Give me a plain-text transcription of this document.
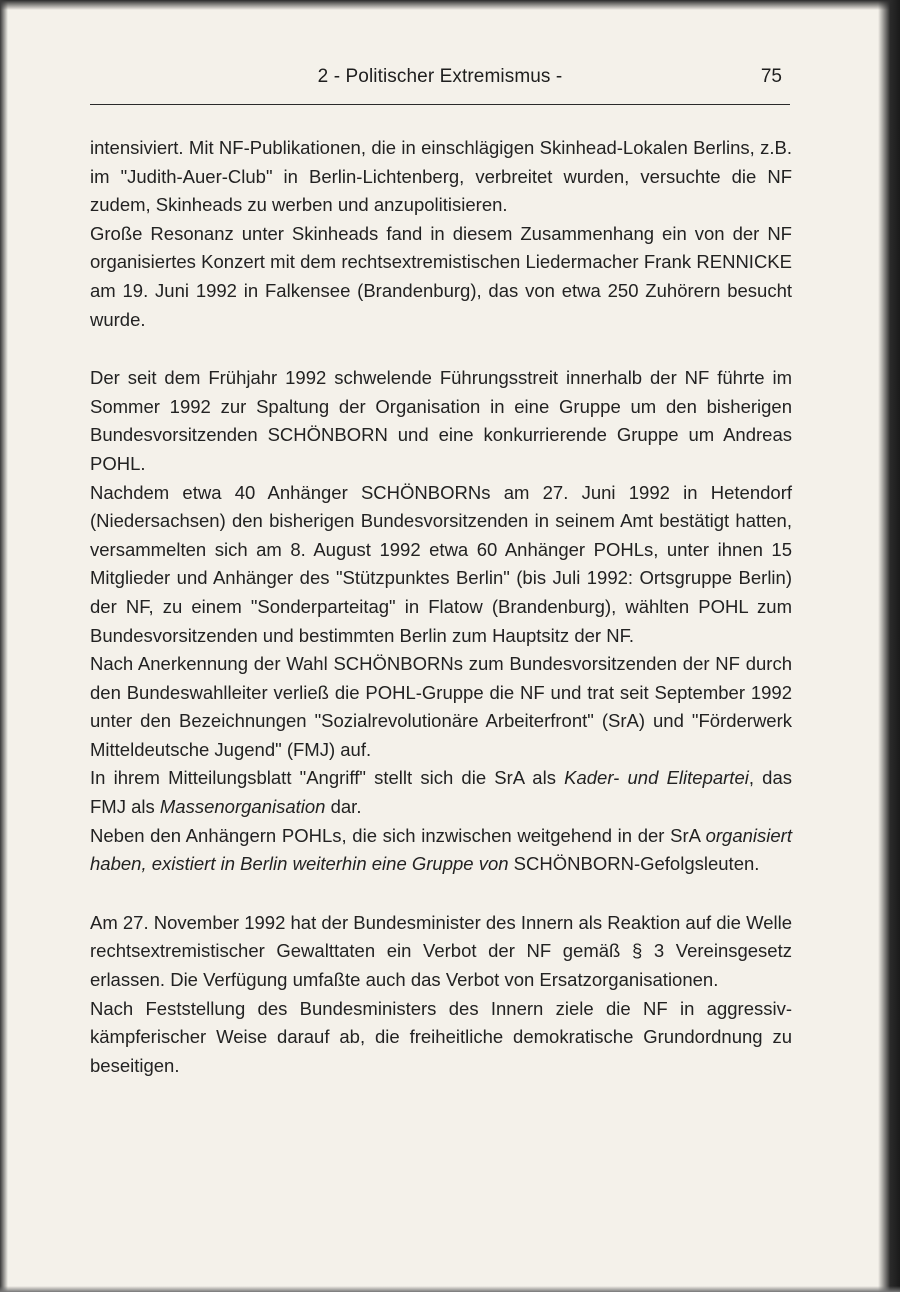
2 - Politischer Extremismus -	75

intensiviert. Mit NF-Publikationen, die in einschlägigen Skinhead-Lokalen Berlins, z.B. im "Judith-Auer-Club" in Berlin-Lichtenberg, verbreitet wurden, versuchte die NF zudem, Skinheads zu werben und anzupolitisieren.

Große Resonanz unter Skinheads fand in diesem Zusammenhang ein von der NF organisiertes Konzert mit dem rechtsextremistischen Liedermacher Frank RENNICKE am 19. Juni 1992 in Falkensee (Brandenburg), das von etwa 250 Zuhörern besucht wurde.

Der seit dem Frühjahr 1992 schwelende Führungsstreit innerhalb der NF führte im Sommer 1992 zur Spaltung der Organisation in eine Gruppe um den bisherigen Bundesvorsitzenden SCHÖNBORN und eine konkurrierende Gruppe um Andreas POHL.

Nachdem etwa 40 Anhänger SCHÖNBORNs am 27. Juni 1992 in Hetendorf (Niedersachsen) den bisherigen Bundesvorsitzenden in seinem Amt bestätigt hatten, versammelten sich am 8. August 1992 etwa 60 Anhänger POHLs, unter ihnen 15 Mitglieder und Anhänger des "Stützpunktes Berlin" (bis Juli 1992: Ortsgruppe Berlin) der NF, zu einem "Sonderparteitag" in Flatow (Brandenburg), wählten POHL zum Bundesvorsitzenden und bestimmten Berlin zum Hauptsitz der NF.

Nach Anerkennung der Wahl SCHÖNBORNs zum Bundesvorsitzenden der NF durch den Bundeswahlleiter verließ die POHL-Gruppe die NF und trat seit September 1992 unter den Bezeichnungen "Sozialrevolutionäre Arbeiterfront" (SrA) und "Förderwerk Mitteldeutsche Jugend" (FMJ) auf.

In ihrem Mitteilungsblatt "Angriff" stellt sich die SrA als Kader- und Elitepartei, das FMJ als Massenorganisation dar.

Neben den Anhängern POHLs, die sich inzwischen weitgehend in der SrA organisiert haben, existiert in Berlin weiterhin eine Gruppe von SCHÖNBORN-Gefolgsleuten.

Am 27. November 1992 hat der Bundesminister des Innern als Reaktion auf die Welle rechtsextremistischer Gewalttaten ein Verbot der NF gemäß § 3 Vereinsgesetz erlassen. Die Verfügung umfaßte auch das Verbot von Ersatzorganisationen.

Nach Feststellung des Bundesministers des Innern ziele die NF in aggressiv-kämpferischer Weise darauf ab, die freiheitliche demokratische Grundordnung zu beseitigen.
